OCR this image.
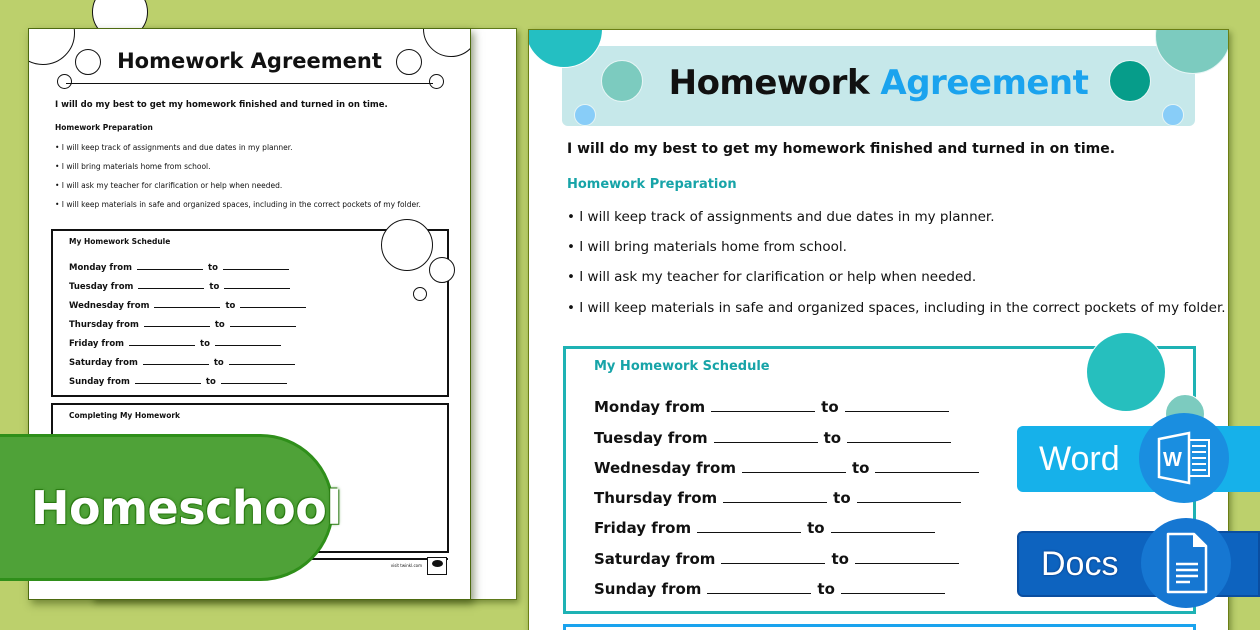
Homework Agreement
I will do my best to get my homework finished and turned in on time.
Homework Preparation
• I will keep track of assignments and due dates in my planner.
• I will bring materials home from school.
• I will ask my teacher for clarification or help when needed.
• I will keep materials in safe and organized spaces, including in the correct pockets of my folder.
My Homework Schedule
Monday from	to
Tuesday from	to
Wednesday from	to
Thursday from	to
Friday from	to
Saturday from	to
Sunday from	to
Completing My Homework
visit twinkl.com
Homeschool
Homework Agreement
I will do my best to get my homework finished and turned in on time.
Homework Preparation
• I will keep track of assignments and due dates in my planner.
• I will bring materials home from school.
• I will ask my teacher for clarification or help when needed.
• I will keep materials in safe and organized spaces, including in the correct pockets of my folder.
My Homework Schedule
Monday from	to
Tuesday from	to
Wednesday from	to
Thursday from	to
Friday from	to
Saturday from	to
Sunday from	to
Word W
Docs
